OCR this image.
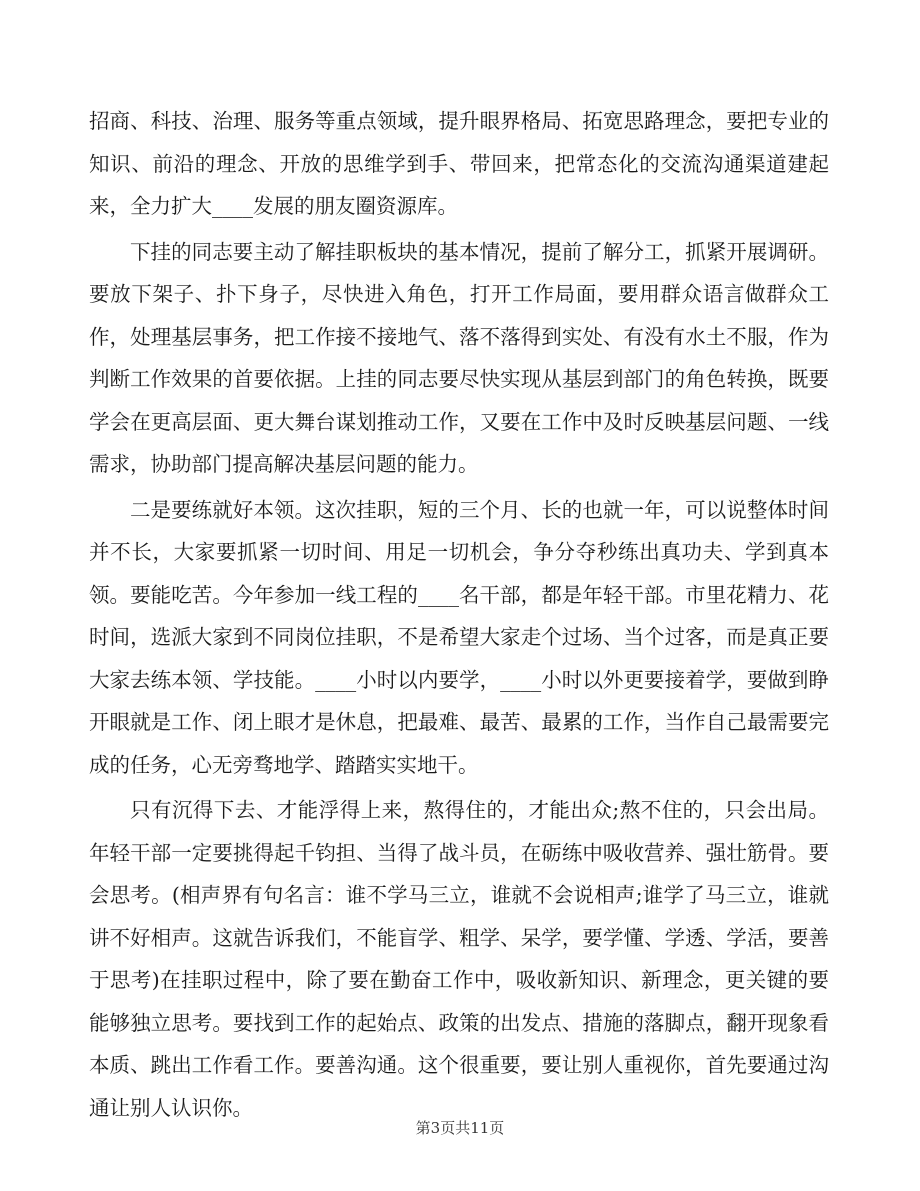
招商、科技、治理、服务等重点领域，提升眼界格局、拓宽思路理念，要把专业的知识、前沿的理念、开放的思维学到手、带回来，把常态化的交流沟通渠道建起来，全力扩大____发展的朋友圈资源库。

下挂的同志要主动了解挂职板块的基本情况，提前了解分工，抓紧开展调研。要放下架子、扑下身子，尽快进入角色，打开工作局面，要用群众语言做群众工作，处理基层事务，把工作接不接地气、落不落得到实处、有没有水土不服，作为判断工作效果的首要依据。上挂的同志要尽快实现从基层到部门的角色转换，既要学会在更高层面、更大舞台谋划推动工作，又要在工作中及时反映基层问题、一线需求，协助部门提高解决基层问题的能力。

二是要练就好本领。这次挂职，短的三个月、长的也就一年，可以说整体时间并不长，大家要抓紧一切时间、用足一切机会，争分夺秒练出真功夫、学到真本领。要能吃苦。今年参加一线工程的____名干部，都是年轻干部。市里花精力、花时间，选派大家到不同岗位挂职，不是希望大家走个过场、当个过客，而是真正要大家去练本领、学技能。____小时以内要学，____小时以外更要接着学，要做到睁开眼就是工作、闭上眼才是休息，把最难、最苦、最累的工作，当作自己最需要完成的任务，心无旁骛地学、踏踏实实地干。

只有沉得下去、才能浮得上来，熬得住的，才能出众;熬不住的，只会出局。年轻干部一定要挑得起千钧担、当得了战斗员，在砺练中吸收营养、强壮筋骨。要会思考。(相声界有句名言：谁不学马三立，谁就不会说相声;谁学了马三立，谁就讲不好相声。这就告诉我们，不能盲学、粗学、呆学，要学懂、学透、学活，要善于思考)在挂职过程中，除了要在勤奋工作中，吸收新知识、新理念，更关键的要能够独立思考。要找到工作的起始点、政策的出发点、措施的落脚点，翻开现象看本质、跳出工作看工作。要善沟通。这个很重要，要让别人重视你，首先要通过沟通让别人认识你。

第3页共11页
